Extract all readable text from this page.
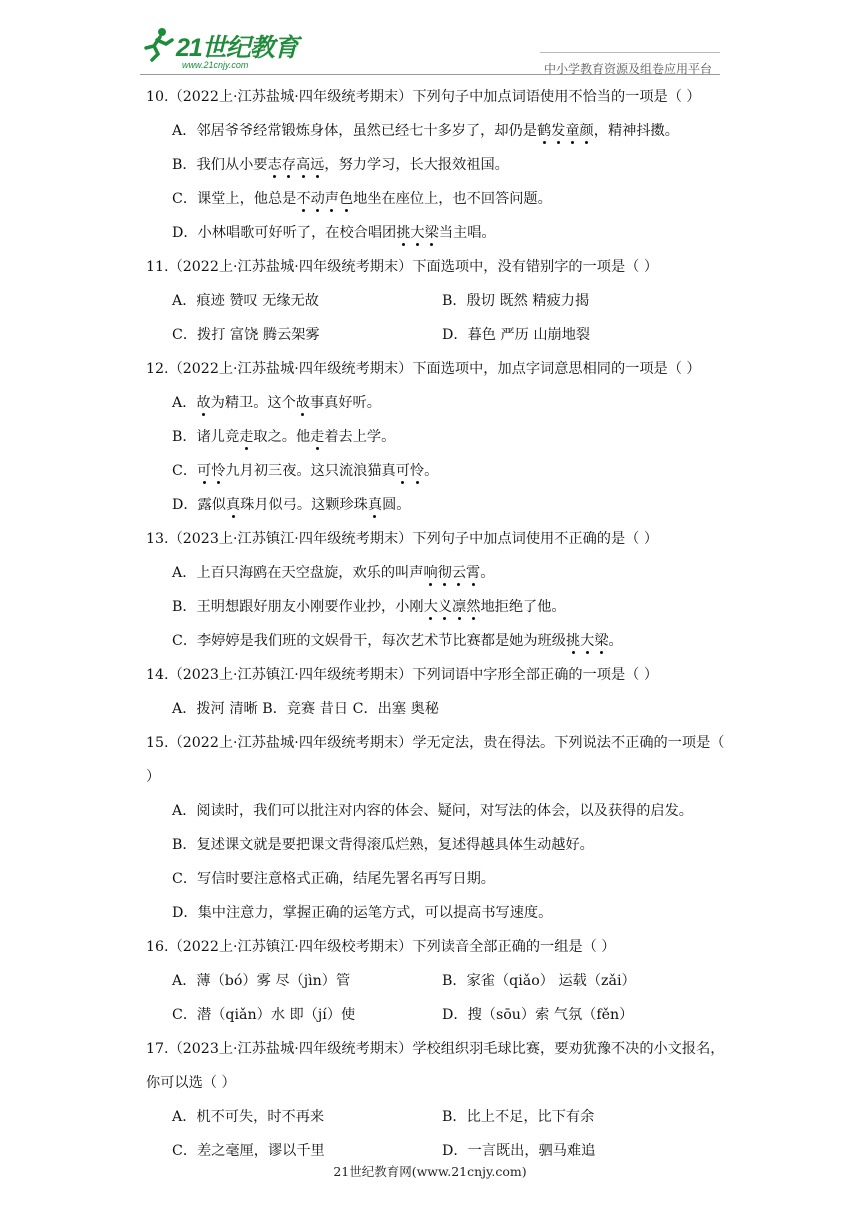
21世纪教育
www.21cnjy.com	中小学教育资源及组卷应用平台

10.（2022上·江苏盐城·四年级统考期末）下列句子中加点词语使用不恰当的一项是（ ）

A．邻居爷爷经常锻炼身体，虽然已经七十多岁了，却仍是鹤发童颜，精神抖擞。

B．我们从小要志存高远，努力学习，长大报效祖国。

C．课堂上，他总是不动声色地坐在座位上，也不回答问题。

D．小林唱歌可好听了，在校合唱团挑大梁当主唱。

11.（2022上·江苏盐城·四年级统考期末）下面选项中，没有错别字的一项是（ ）

A．痕迹 赞叹 无缘无故	B．殷切 既然 精疲力揭
C．拨打 富饶 腾云架雾	D．暮色 严历 山崩地裂

12.（2022上·江苏盐城·四年级统考期末）下面选项中，加点字词意思相同的一项是（ ）

A．故为精卫。这个故事真好听。

B．诸儿竞走取之。他走着去上学。

C．可怜九月初三夜。这只流浪猫真可怜。

D．露似真珠月似弓。这颗珍珠真圆。

13.（2023上·江苏镇江·四年级统考期末）下列句子中加点词使用不正确的是（ ）

A．上百只海鸥在天空盘旋，欢乐的叫声响彻云霄。

B．王明想跟好朋友小刚要作业抄，小刚大义凛然地拒绝了他。

C．李婷婷是我们班的文娱骨干，每次艺术节比赛都是她为班级挑大梁。

14.（2023上·江苏镇江·四年级统考期末）下列词语中字形全部正确的一项是（ ）

A．拨河 清晰 B．竞赛 昔日 C．出塞 奥秘

15.（2022上·江苏盐城·四年级统考期末）学无定法，贵在得法。下列说法不正确的一项是（ ）

A．阅读时，我们可以批注对内容的体会、疑问，对写法的体会，以及获得的启发。

B．复述课文就是要把课文背得滚瓜烂熟，复述得越具体生动越好。

C．写信时要注意格式正确，结尾先署名再写日期。

D．集中注意力，掌握正确的运笔方式，可以提高书写速度。

16.（2022上·江苏镇江·四年级校考期末）下列读音全部正确的一组是（ ）

A．薄（bó）雾 尽（jìn）管	B．家雀（qiǎo） 运载（zǎi）
C．潜（qiǎn）水 即（jí）使	D．搜（sōu）索 气氛（fěn）

17.（2023上·江苏盐城·四年级统考期末）学校组织羽毛球比赛，要劝犹豫不决的小文报名，你可以选（ ）

A．机不可失，时不再来	B．比上不足，比下有余
C．差之毫厘，谬以千里	D．一言既出，驷马难追
21世纪教育网(www.21cnjy.com)
